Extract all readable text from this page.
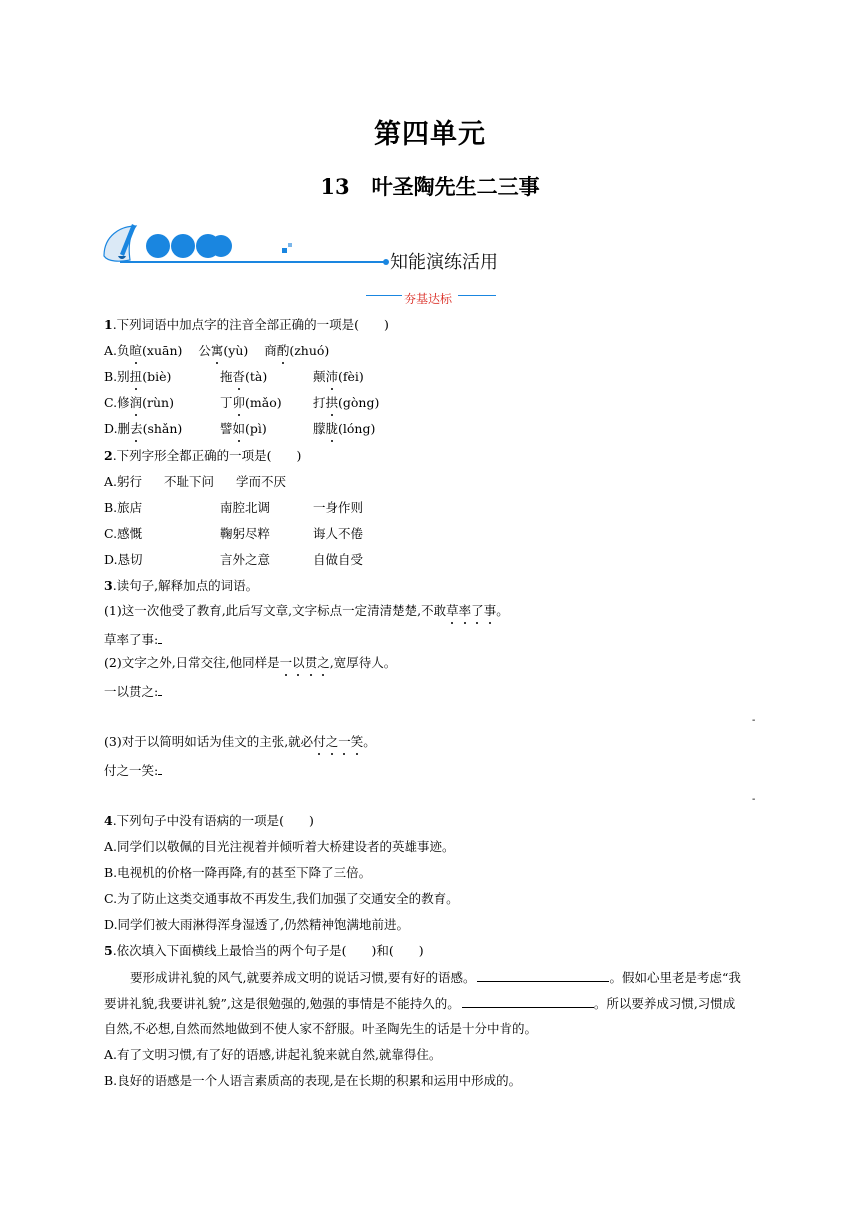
第四单元
13 叶圣陶先生二三事
知能演练活用
夯基达标
1.下列词语中加点字的注音全部正确的一项是(　　)
A.负暄(xuān) 公寓(yù) 商酌(zhuó)
B.别扭(biè)	拖沓(tà)	颠沛(fèi)
C.修润(rùn)	丁卯(mǎo)	打拱(gòng)
D.删去(shǎn)	譬如(pì)	朦胧(lóng)
2.下列字形全都正确的一项是(　　)
A.躬行 不耻下问 学而不厌
B.旅店	南腔北调	一身作则
C.感慨	鞠躬尽粹	诲人不倦
D.恳切	言外之意	自做自受
3.读句子,解释加点的词语。
(1)这一次他受了教育,此后写文章,文字标点一定清清楚楚,不敢草率了事。
草率了事:
(2)文字之外,日常交往,他同样是一以贯之,宽厚待人。
一以贯之:
-
(3)对于以简明如话为佳文的主张,就必付之一笑。
付之一笑:
-
4.下列句子中没有语病的一项是(　　)
A.同学们以敬佩的目光注视着并倾听着大桥建设者的英雄事迹。
B.电视机的价格一降再降,有的甚至下降了三倍。
C.为了防止这类交通事故不再发生,我们加强了交通安全的教育。
D.同学们被大雨淋得浑身湿透了,仍然精神饱满地前进。
5.依次填入下面横线上最恰当的两个句子是(　　)和(　　)
要形成讲礼貌的风气,就要养成文明的说话习惯,要有好的语感。	。假如心里老是考虑“我
要讲礼貌,我要讲礼貌”,这是很勉强的,勉强的事情是不能持久的。	。所以要养成习惯,习惯成
自然,不必想,自然而然地做到不使人家不舒服。叶圣陶先生的话是十分中肯的。
A.有了文明习惯,有了好的语感,讲起礼貌来就自然,就靠得住。
B.良好的语感是一个人语言素质高的表现,是在长期的积累和运用中形成的。
